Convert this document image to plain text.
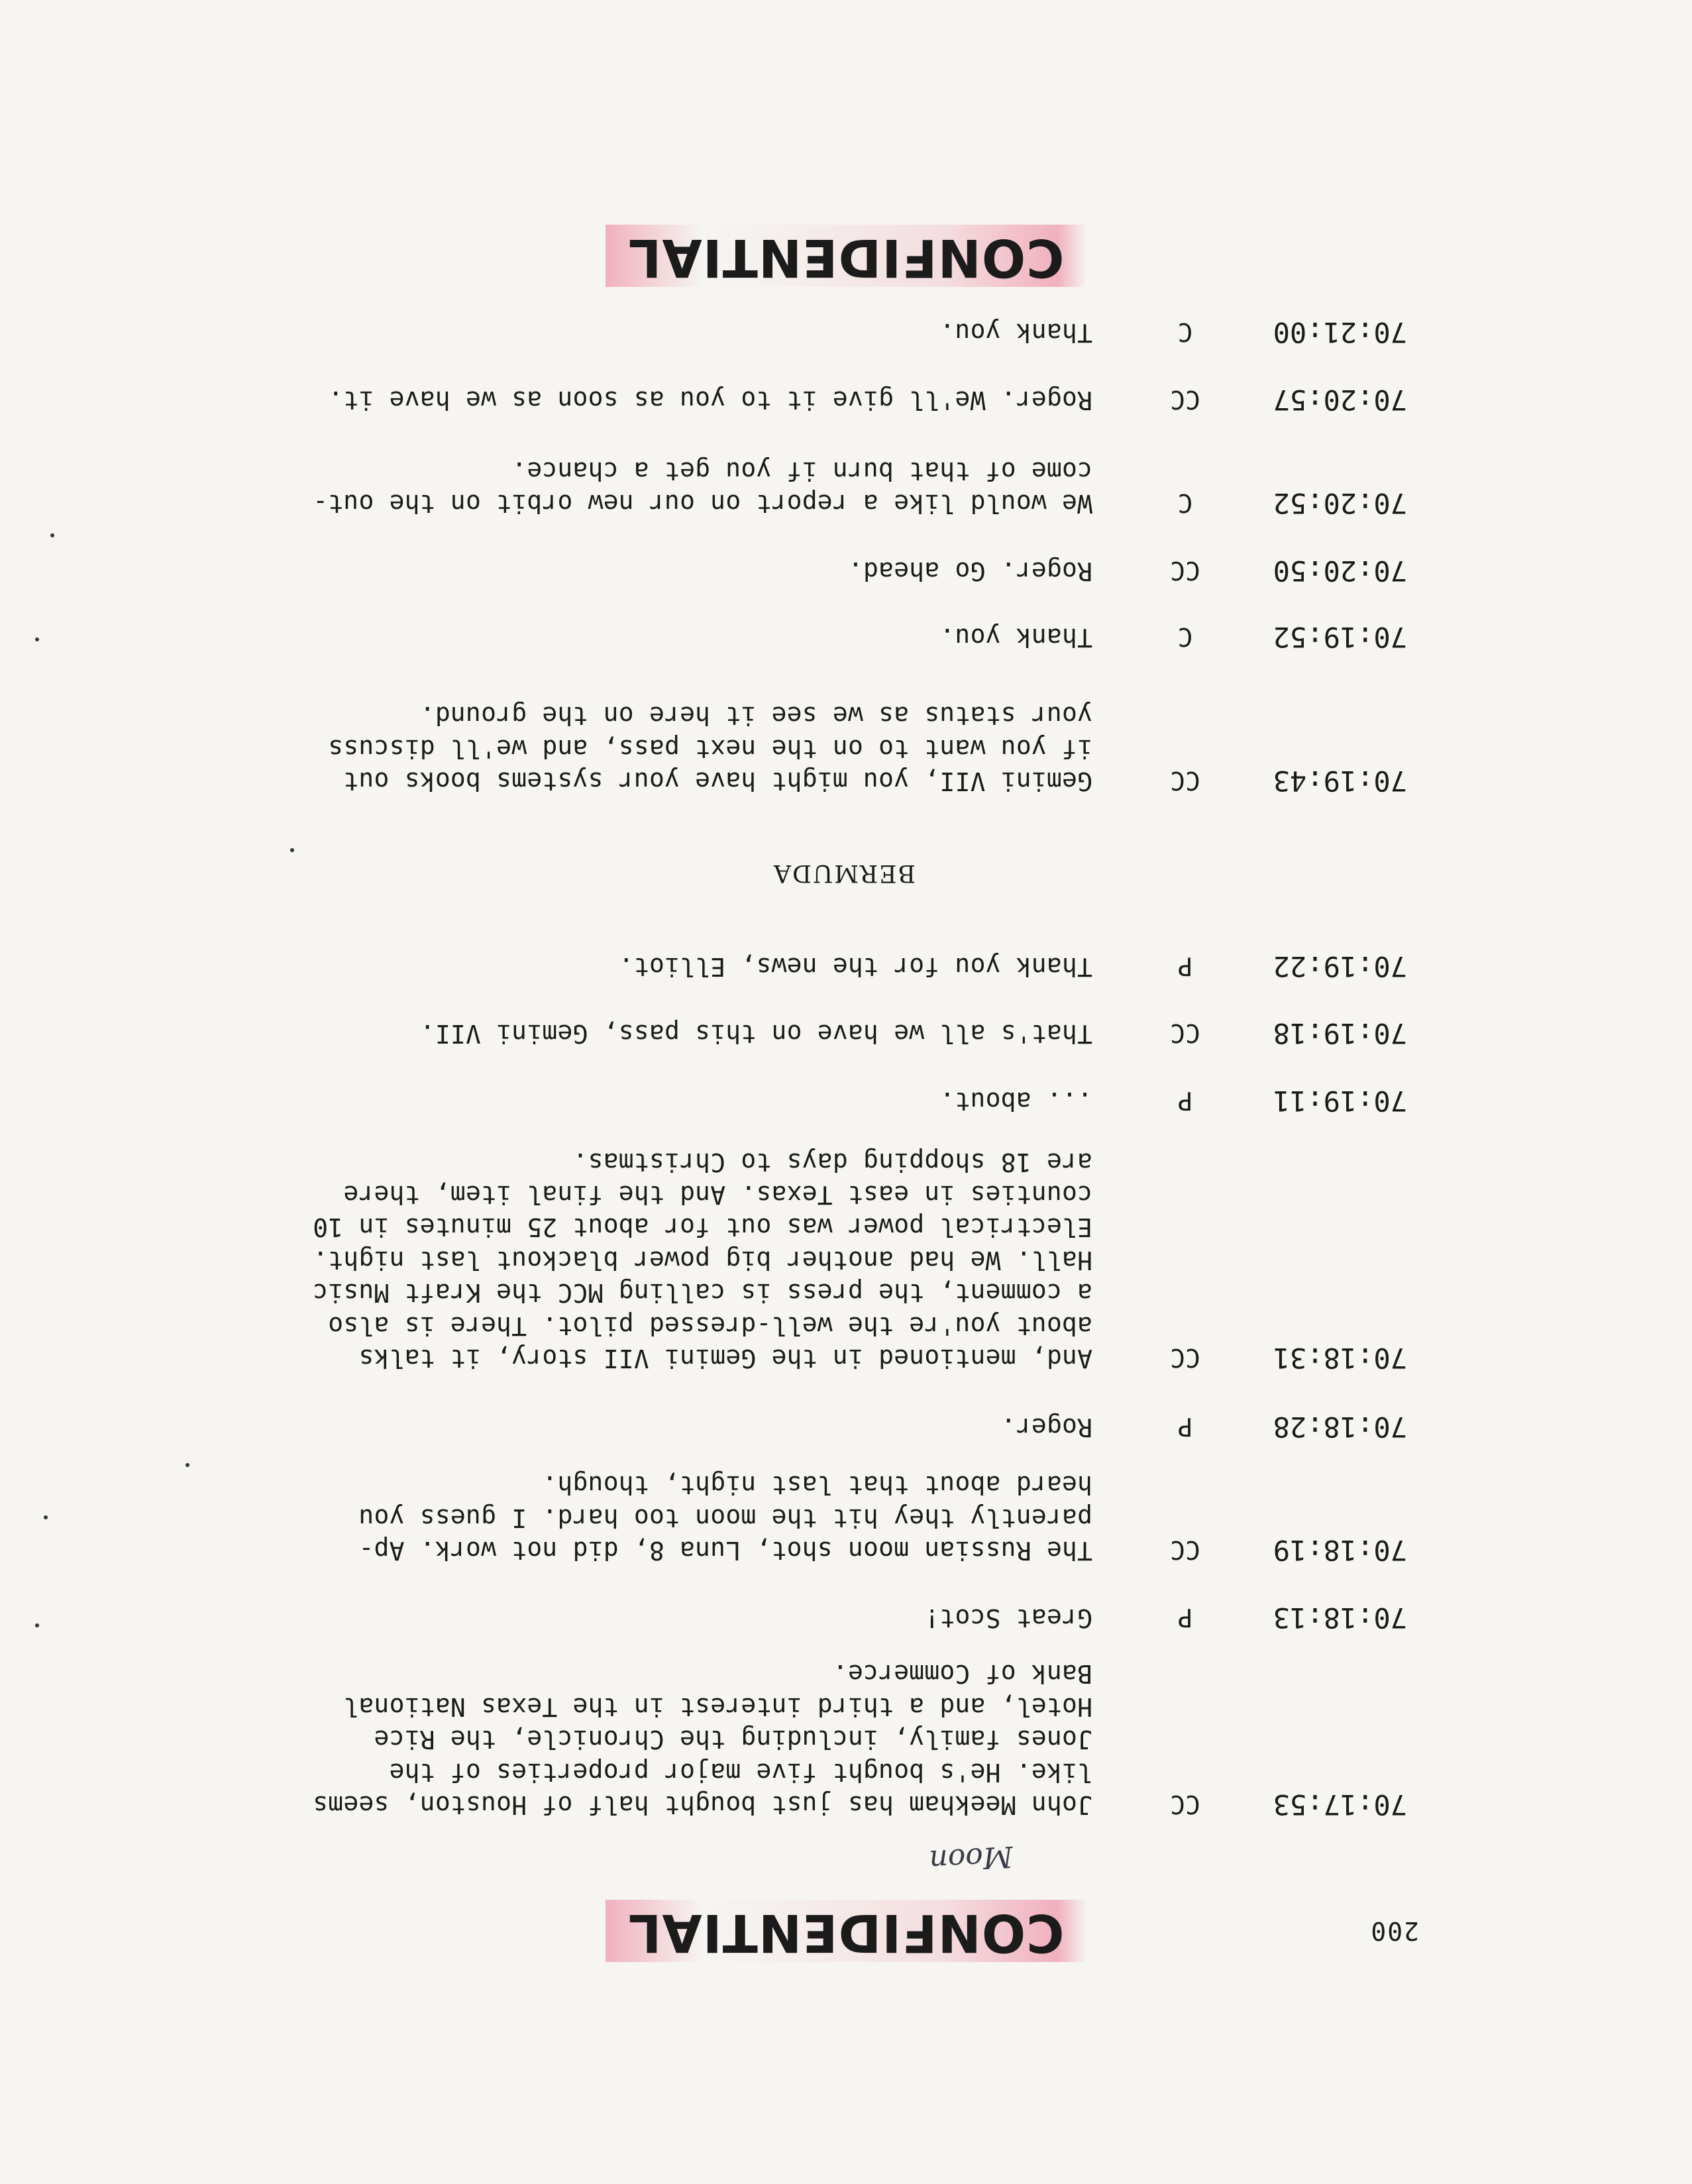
200
CONFIDENTIAL
Moon
70:17:53
CC
John Meekham has just bought half of Houston, seems
like. He's bought five major properties of the
Jones family, including the Chronicle, the Rice
Hotel, and a third interest in the Texas National
Bank of Commerce.
70:18:13
P
Great Scot!
70:18:19
CC
The Russian moon shot, Luna 8, did not work. Ap-
parently they hit the moon too hard. I guess you
heard about that last night, though.
70:18:28
P
Roger.
70:18:31
CC
And, mentioned in the Gemini VII story, it talks
about you're the well-dressed pilot. There is also
a comment, the press is calling MCC the Kraft Music
Hall. We had another big power blackout last night.
Electrical power was out for about 25 minutes in 10
counties in east Texas. And the final item, there
are 18 shopping days to Christmas.
70:19:11
P
... about.
70:19:18
CC
That's all we have on this pass, Gemini VII.
70:19:22
P
Thank you for the news, Elliot.
BERMUDA
70:19:43
CC
Gemini VII, you might have your systems books out
if you want to on the next pass, and we'll discuss
your status as we see it here on the ground.
70:19:52
C
Thank you.
70:20:50
CC
Roger. Go ahead.
70:20:52
C
We would like a report on our new orbit on the out-
come of that burn if you get a chance.
70:20:57
CC
Roger. We'll give it to you as soon as we have it.
70:21:00
C
Thank you.
CONFIDENTIAL
